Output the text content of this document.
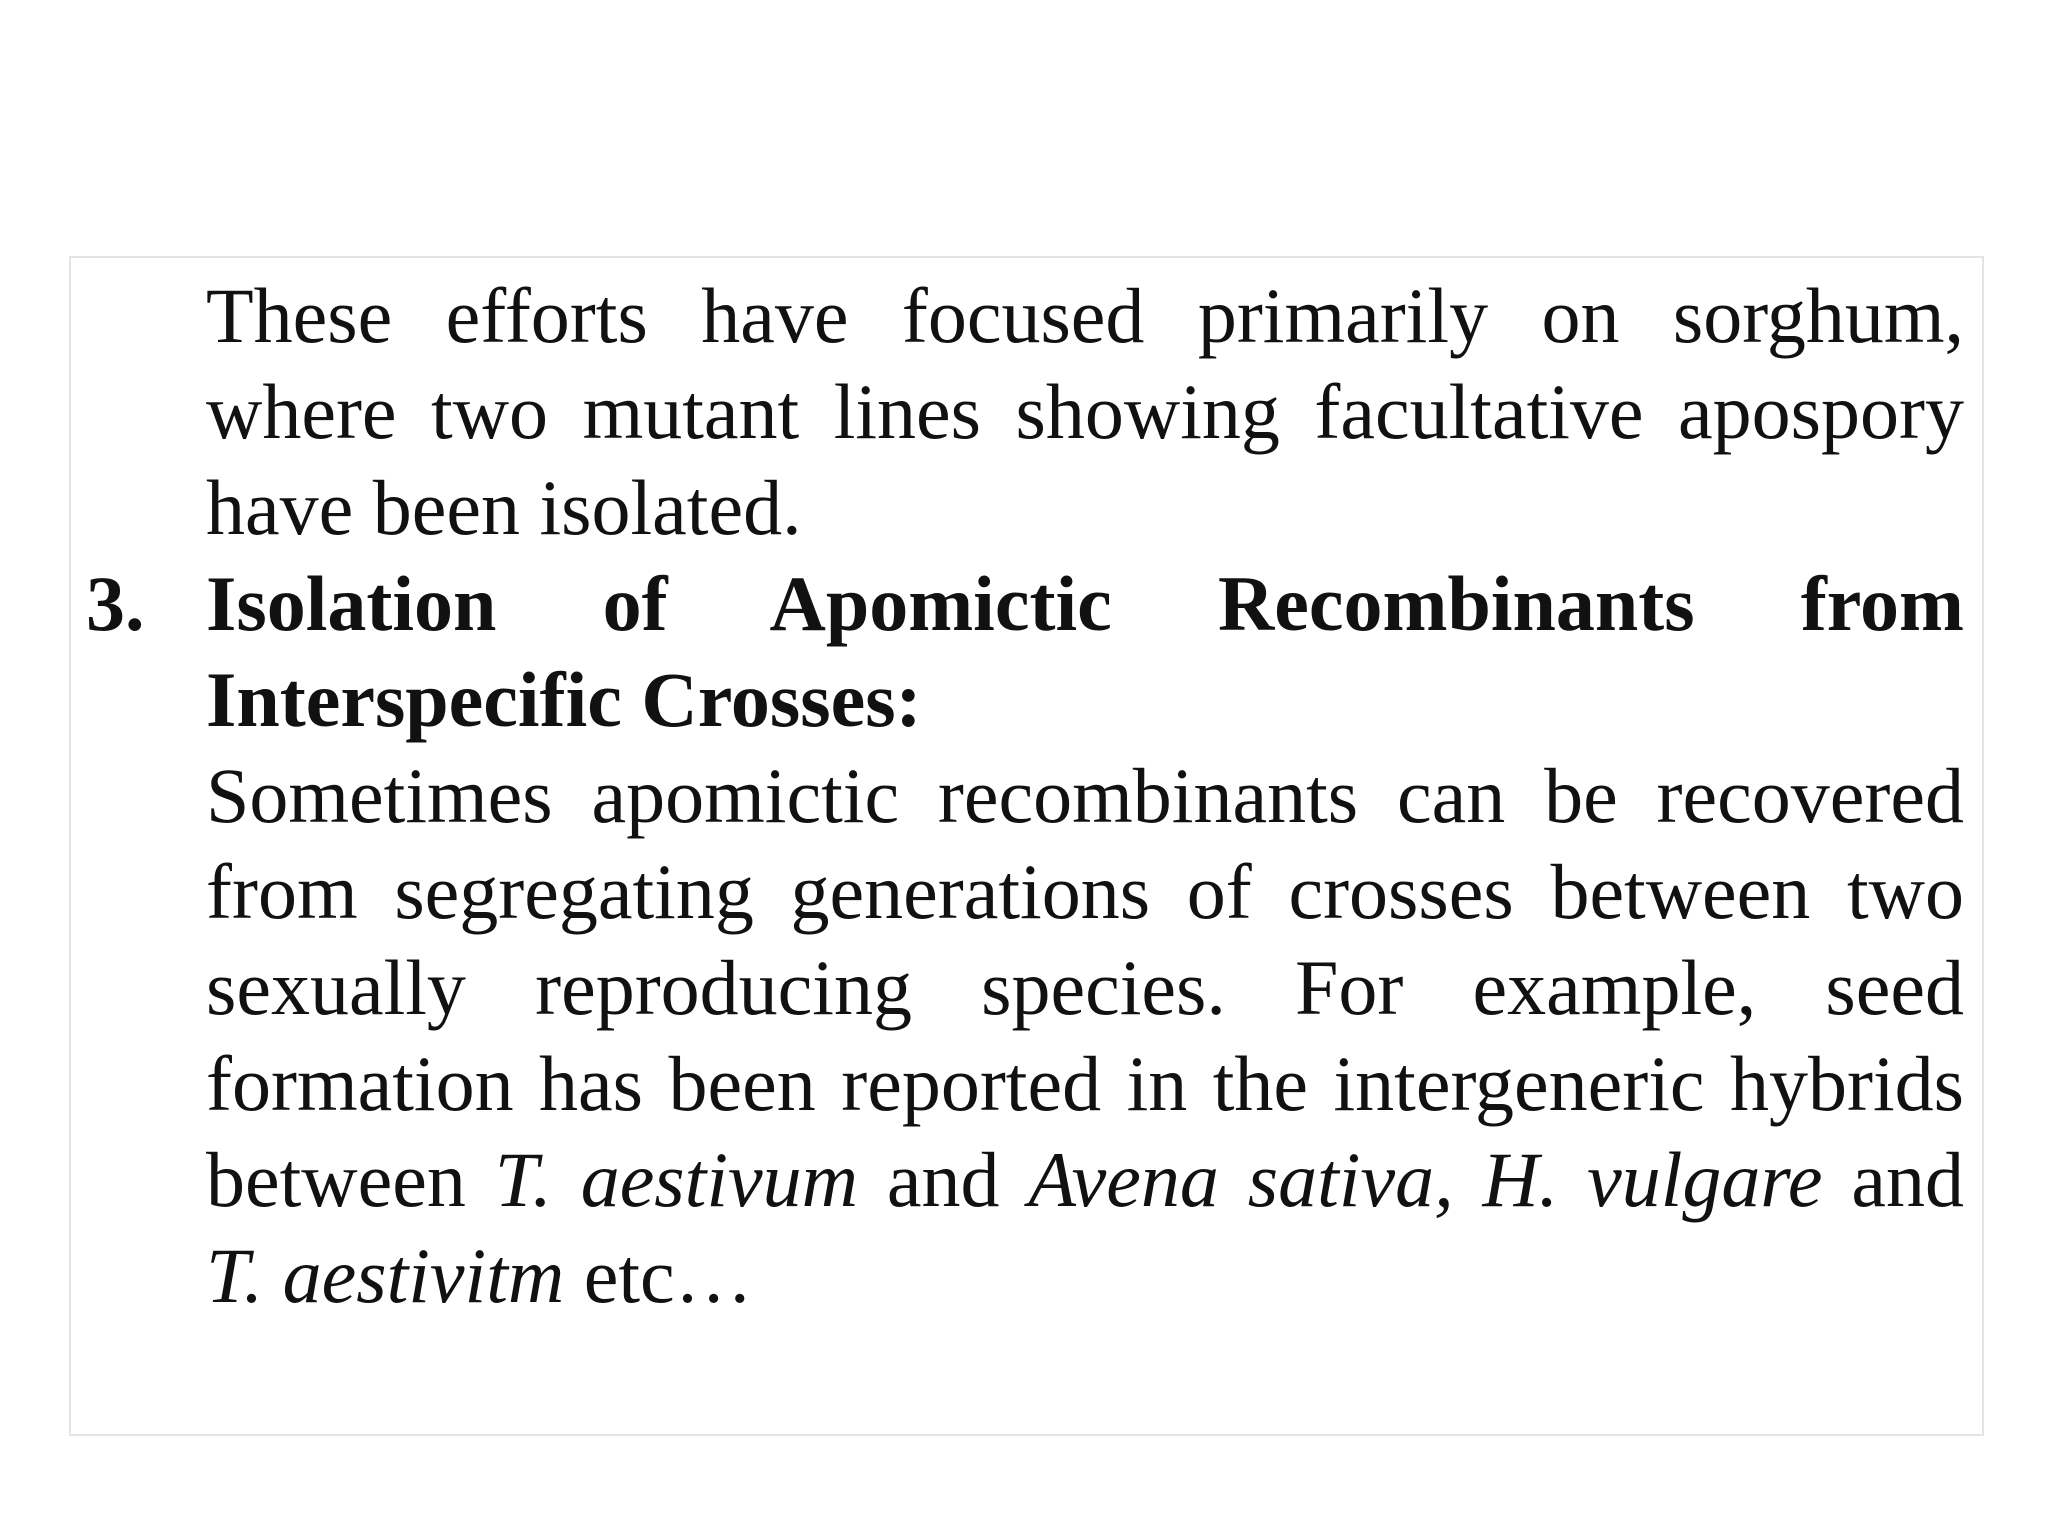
These efforts have focused primarily on sorghum, where two mutant lines showing facultative apospory have been isolated.
3. Isolation of Apomictic Recombinants from Interspecific Crosses:
Sometimes apomictic recombinants can be recovered from segregating generations of crosses between two sexually reproducing species. For example, seed formation has been reported in the intergeneric hybrids between T. aestivum and Avena sativa, H. vulgare and T. aestivitm etc…
